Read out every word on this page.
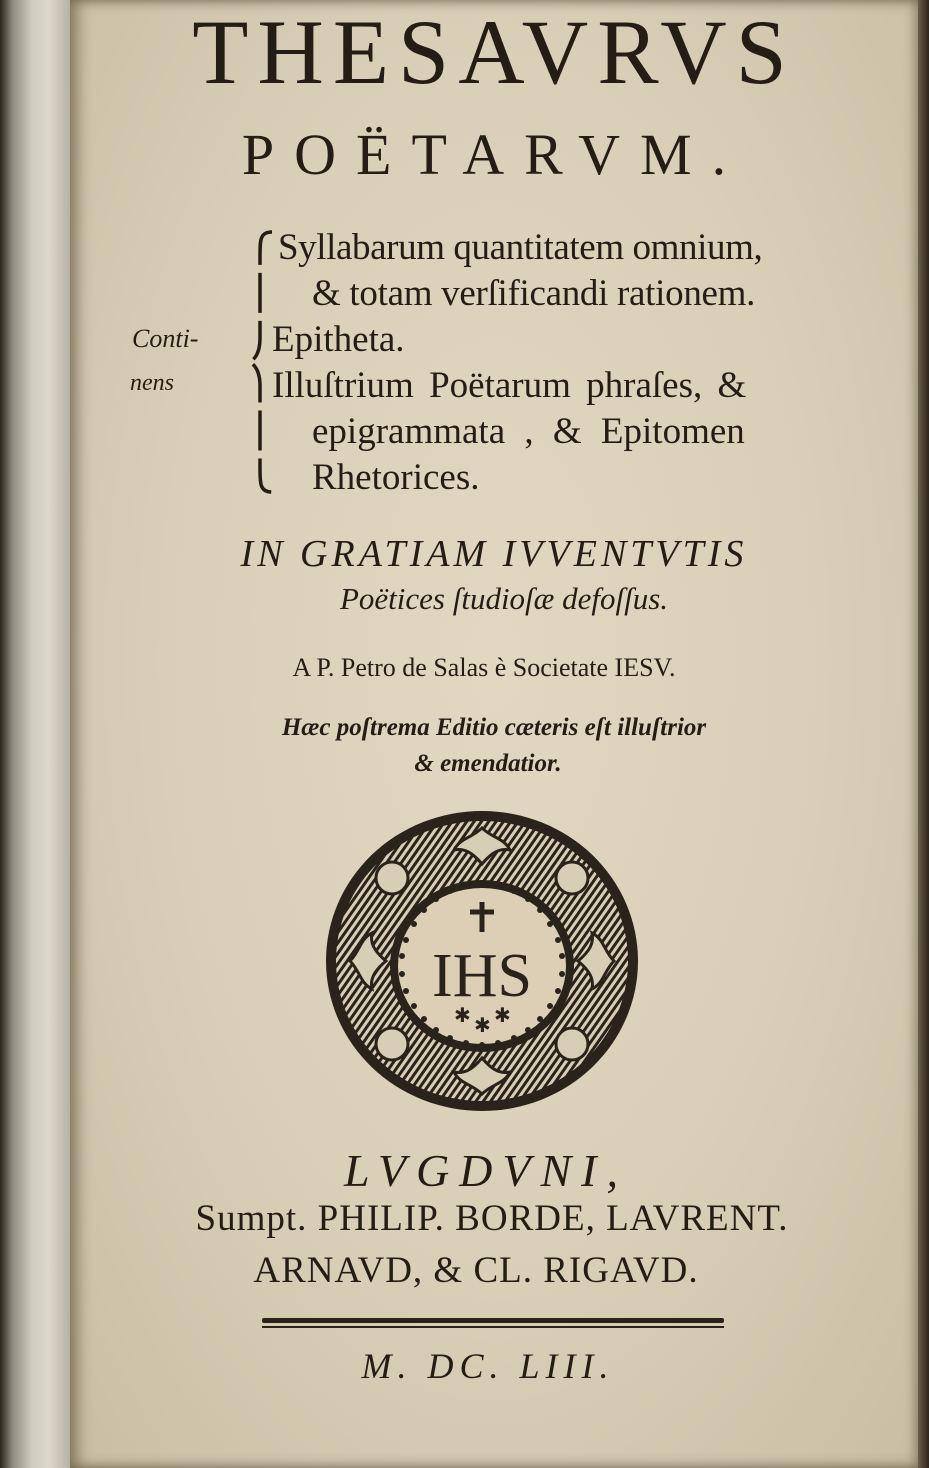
THESAVRVS
POËTARVM.
Conti-
nens
Syllabarum quantitatem omnium,
& totam verſificandi rationem.
Epitheta.
Illuſtrium Poëtarum phraſes, &
epigrammata , & Epitomen
Rhetorices.
IN GRATIAM IVVENTVTIS
Poëtices ſtudioſæ defoſſus.
A P. Petro de Salas è Societate IESV.
Hæc poſtrema Editio cæteris eſt illuſtrior
& emendatior.
IHS
✱ ✱ ✱
LVGDVNI,
Sumpt. PHILIP. BORDE, LAVRENT.
ARNAVD, & CL. RIGAVD.
M. DC. LIII.
